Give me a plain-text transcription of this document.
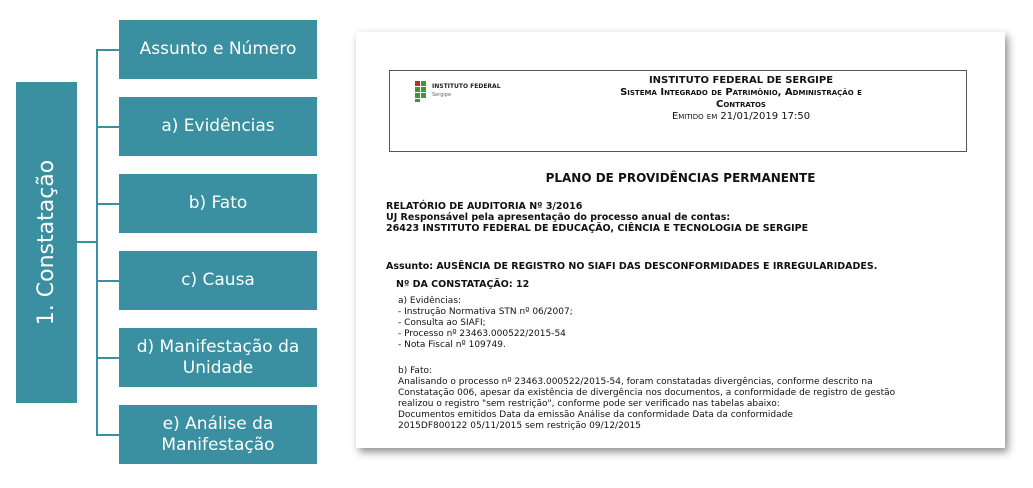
1. Constatação
Assunto e Número
a) Evidências
b) Fato
c) Causa
d) Manifestação da Unidade
e) Análise da Manifestação
INSTITUTO FEDERAL
Sergipe
INSTITUTO FEDERAL DE SERGIPE
Sistema Integrado de Patrimônio, Administração e
Contratos
Emitido em 21/01/2019 17:50
PLANO DE PROVIDÊNCIAS PERMANENTE
RELATÓRIO DE AUDITORIA Nº 3/2016
UJ Responsável pela apresentação do processo anual de contas:
26423 INSTITUTO FEDERAL DE EDUCAÇÃO, CIÊNCIA E TECNOLOGIA DE SERGIPE
Assunto: AUSÊNCIA DE REGISTRO NO SIAFI DAS DESCONFORMIDADES E IRREGULARIDADES.
Nº DA CONSTATAÇÃO: 12
a) Evidências:
- Instrução Normativa STN nº 06/2007;
- Consulta ao SIAFI;
- Processo nº 23463.000522/2015-54
- Nota Fiscal nº 109749.
b) Fato:
Analisando o processo nº 23463.000522/2015-54, foram constatadas divergências, conforme descrito na
Constatação 006, apesar da existência de divergência nos documentos, a conformidade de registro de gestão
realizou o registro "sem restrição", conforme pode ser verificado nas tabelas abaixo:
Documentos emitidos Data da emissão Análise da conformidade Data da conformidade
2015DF800122 05/11/2015 sem restrição 09/12/2015
